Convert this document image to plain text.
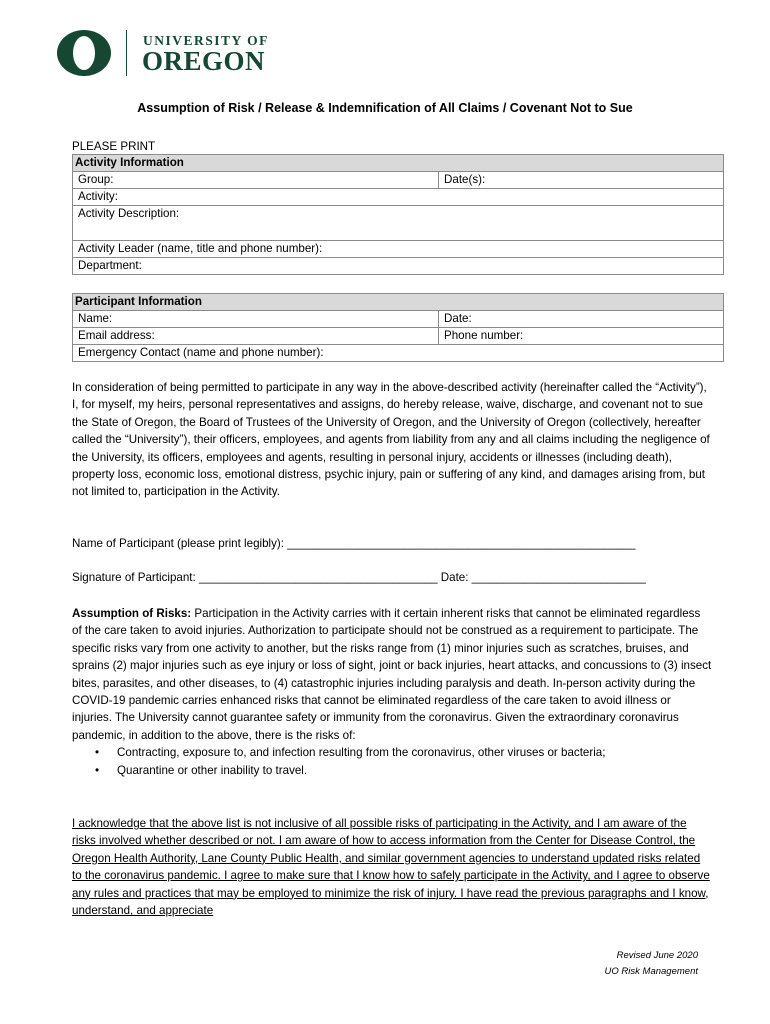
UNIVERSITY OF
OREGON
Assumption of Risk / Release & Indemnification of All Claims / Covenant Not to Sue
PLEASE PRINT
Activity Information
Group:	Date(s):
Activity:
Activity Description:
Activity Leader (name, title and phone number):
Department:
Participant Information	
Name:	Date:
Email address:	Phone number:
Emergency Contact (name and phone number):	
In consideration of being permitted to participate in any way in the above-described activity (hereinafter called the “Activity”), I, for myself, my heirs, personal representatives and assigns, do hereby release, waive, discharge, and covenant not to sue the State of Oregon, the Board of Trustees of the University of Oregon, and the University of Oregon (collectively, hereafter called the “University”), their officers, employees, and agents from liability from any and all claims including the negligence of the University, its officers, employees and agents, resulting in personal injury, accidents or illnesses (including death), property loss, economic loss, emotional distress, psychic injury, pain or suffering of any kind, and damages arising from, but not limited to, participation in the Activity.
Name of Participant (please print legibly): ______________________________________________________
Signature of Participant: _____________________________________ Date: ___________________________
Assumption of Risks: Participation in the Activity carries with it certain inherent risks that cannot be eliminated regardless of the care taken to avoid injuries. Authorization to participate should not be construed as a requirement to participate. The specific risks vary from one activity to another, but the risks range from (1) minor injuries such as scratches, bruises, and sprains (2) major injuries such as eye injury or loss of sight, joint or back injuries, heart attacks, and concussions to (3) insect bites, parasites, and other diseases, to (4) catastrophic injuries including paralysis and death. In-person activity during the COVID-19 pandemic carries enhanced risks that cannot be eliminated regardless of the care taken to avoid illness or injuries. The University cannot guarantee safety or immunity from the coronavirus. Given the extraordinary coronavirus pandemic, in addition to the above, there is the risks of:
• Contracting, exposure to, and infection resulting from the coronavirus, other viruses or bacteria;
• Quarantine or other inability to travel.
I acknowledge that the above list is not inclusive of all possible risks of participating in the Activity, and I am aware of the risks involved whether described or not. I am aware of how to access information from the Center for Disease Control, the Oregon Health Authority, Lane County Public Health, and similar government agencies to understand updated risks related to the coronavirus pandemic. I agree to make sure that I know how to safely participate in the Activity, and I agree to observe any rules and practices that may be employed to minimize the risk of injury. I have read the previous paragraphs and I know, understand, and appreciate
Revised June 2020
UO Risk Management
